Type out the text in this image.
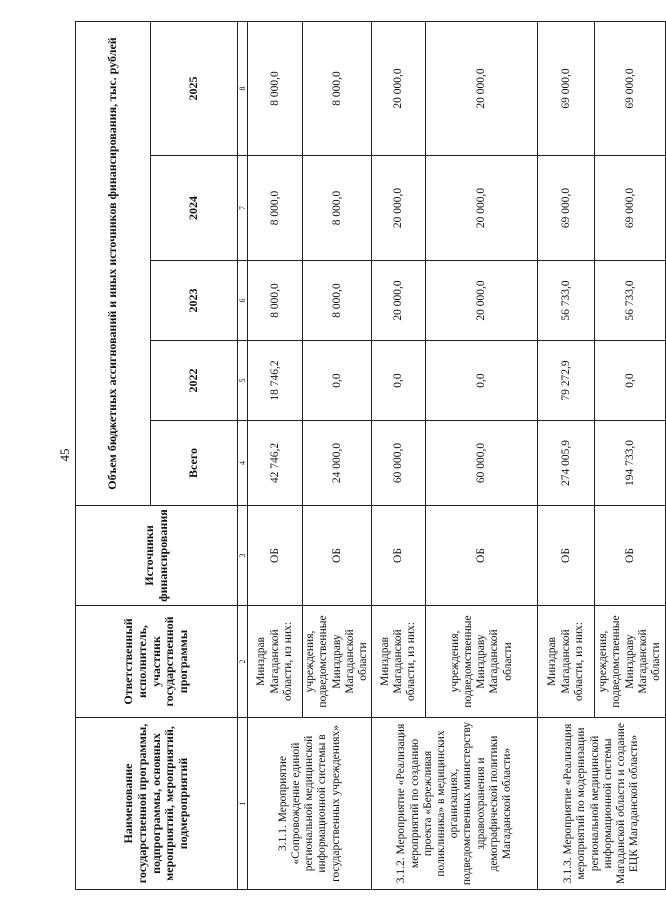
45
Наименование государственной программы, подпрограммы, основных мероприятий, мероприятий, подмероприятий	Ответственный исполнитель, участник государственной программы	Источники финансирования	Объем бюджетных ассигнований и иных источников финансирования, тыс. рублей				
			Всего	2022	2023	2024	2025
1	2	3	4	5	6	7	8
3.1.1. Мероприятие «Сопровождение единой региональной медицинской информационной системы в государственных учреждениях»	Минздрав Магаданской области, из них:	ОБ	42 746,2	18 746,2	8 000,0	8 000,0	8 000,0
	учреждения, подведомственные Минздраву Магаданской области	ОБ	24 000,0	0,0	8 000,0	8 000,0	8 000,0
3.1.2. Мероприятие «Реализация мероприятий по созданию проекта «Бережливая поликлиника» в медицинских организациях, подведомственных министерству здравоохранения и демографической политики Магаданской области»	Минздрав Магаданской области, из них:	ОБ	60 000,0	0,0	20 000,0	20 000,0	20 000,0
	учреждения, подведомственные Минздраву Магаданской области	ОБ	60 000,0	0,0	20 000,0	20 000,0	20 000,0
3.1.3. Мероприятие «Реализация мероприятий по модернизации региональной медицинской информационной системы Магаданской области и создание ЕЦК Магаданской области»	Минздрав Магаданской области, из них:	ОБ	274 005,9	79 272,9	56 733,0	69 000,0	69 000,0
	учреждения, подведомственные Минздраву Магаданской области	ОБ	194 733,0	0,0	56 733,0	69 000,0	69 000,0
